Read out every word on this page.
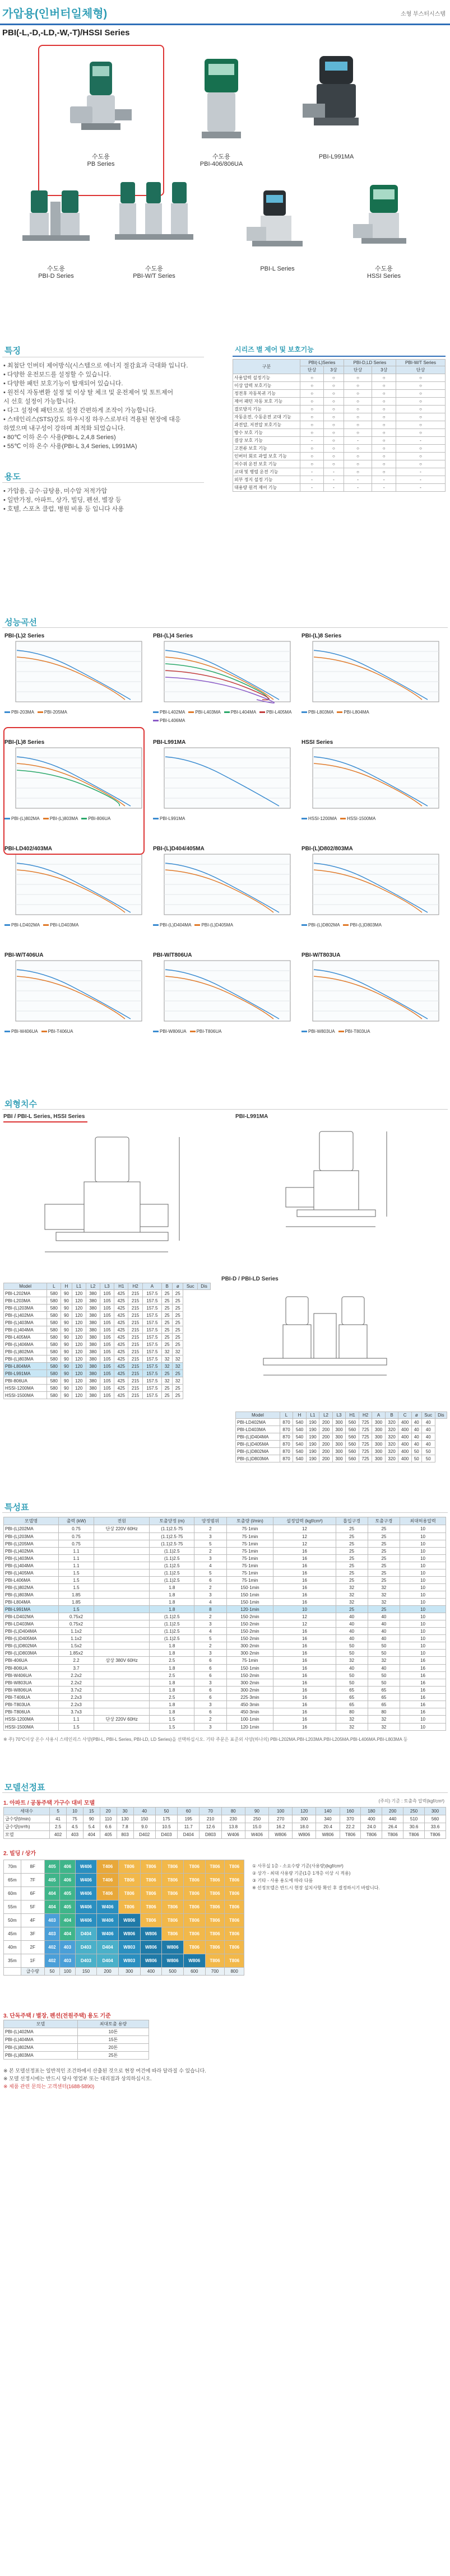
가압용(인버터일체형)	소형 부스터시스템
PBI(-L,-D,-LD,-W,-T)/HSSI Series
수도용
PB Series
수도용
PBI-406/806UA
PBI-L991MA
수도용
PBI-D Series
수도용
PBI-W/T Series
PBI-L Series	수도용
HSSI Series
특징
• 최첨단 인버터 제어방식(시스템으로 에너지 절감효과 극대화 입니다.
• 다양한 운전보드를 설정할 수 있습니다.
• 다양한 패턴 보호기능이 탑재되어 있습니다.
• 원전식 자동변환 설정 및 이상 탈 체크 및 운전제어 및 토트제어
시 선호 설정이 가능합니다.
• 다그 설정에 패턴으로 설정 간편하게 조작이 가능합니다.
• 스테인리스(STS)강도 하우시징 하우스로부터 격용된 현장에 대응
하였으며 내구성이 강하며 최적화 되었습니다.
• 80℃ 이하 온수 사용(PBI-L 2,4,8 Series)
• 55℃ 이하 온수 사용(PBI-L 3,4 Series, L991MA)
용도
• 가압용, 급수·급탕용, 미수압 저적가압
• 일반가정, 아파트, 상가, 빌딩, 펜션, 별장 등
• 호텔, 스포츠 클럽, 병원 비용 등 입니다 사용
시리즈 별 제어 및 보호기능
구분	PBI(-L)Series		PBI-D,LD Series		PBI-W/T Series
	단상	3상	단상	3상	단상
사용압력 설정기능	○	○	○	○	○
이상 압력 보호기능	○	○	○	○	○
정전후 자동복귀 기능	○	○	○	○	○
제어 패턴 자동 보호 기능	○	○	○	○	○
결로방지 기능	○	○	○	○	○
자동운전, 수동운전 교대 기능	○	○	○	○	○
과전압, 저전압 보호기능	○	○	○	○	○
방수 보호 기능	○	○	○	○	○
결상 보호 기능	-	○	-	○	-
고전류 보호 기능	○	○	○	○	○
인버터 회로 과열 보호 기능	○	○	○	○	○
저수위 운전 보호 기능	○	○	○	○	○
교대 및 병렬 운전 기능	-	-	○	○	-
외부 정지 설정 기능	-	-	-	-	-
대용량 원격 제어 기능	-	-	-	-	-
성능곡선
PBI-(L)2 Series
PBI-203MA PBI-205MA
PBI-(L)4 Series
PBI-L402MA PBI-L403MA PBI-L404MA PBI-L405MA
PBI-L406MA
PBI-(L)8 Series
PBI-L803MA PBI-L804MA
PBI-(L)8 Series
PBI-(L)802MA PBI-(L)803MA PBI-806UA
PBI-L991MA
PBI-L991MA
HSSI Series
HSSI-1200MA HSSI-1500MA
PBI-LD402/403MA
PBI-LD402MA PBI-LD403MA
PBI-(L)D404/405MA
PBI-(L)D404MA PBI-(L)D405MA
PBI-(L)D802/803MA
PBI-(L)D802MA PBI-(L)D803MA
PBI-W/T406UA
PBI-W406UA PBI-T406UA
PBI-W/T806UA
PBI-W806UA PBI-T806UA
PBI-W/T803UA
PBI-W803UA PBI-T803UA
외형치수
PBI / PBI-L Series, HSSI Series	PBI-L991MA
Model	L	H	L1	L2	L3	H1	H2	A	B	ø	Suc	Dis
PBI-L202MA	580	90	120	380	105	425	215	157.5	25	25		
PBI-L203MA	580	90	120	380	105	425	215	157.5	25	25		
PBI-(L)203MA	580	90	120	380	105	425	215	157.5	25	25		
PBI-(L)402MA	580	90	120	380	105	425	215	157.5	25	25		
PBI-(L)403MA	580	90	120	380	105	425	215	157.5	25	25		
PBI-(L)404MA	580	90	120	380	105	425	215	157.5	25	25		
PBI-L405MA	580	90	120	380	105	425	215	157.5	25	25		
PBI-(L)406MA	580	90	120	380	105	425	215	157.5	25	25		
PBI-(L)802MA	580	90	120	380	105	425	215	157.5	32	32		
PBI-(L)803MA	580	90	120	380	105	425	215	157.5	32	32		
PBI-L804MA	580	90	120	380	105	425	215	157.5	32	32		
PBI-L991MA	580	90	120	380	105	425	215	157.5	25	25		
PBI-806UA	580	90	120	380	105	425	215	157.5	32	32		
HSSI-1200MA	580	90	120	380	105	425	215	157.5	25	25		
HSSI-1500MA	580	90	120	380	105	425	215	157.5	25	25		
PBI-D / PBI-LD Series
Model	L	H	L1	L2	L3	H1	H2	A	B	C	ø	Suc	Dis
PBI-LD402MA	870	540	190	200	300	560	725	300	320	400	40	40	
PBI-LD403MA	870	540	190	200	300	560	725	300	320	400	40	40	
PBI-(L)D404MA	870	540	190	200	300	560	725	300	320	400	40	40	
PBI-(L)D405MA	870	540	190	200	300	560	725	300	320	400	40	40	
PBI-(L)D802MA	870	540	190	200	300	560	725	300	320	400	50	50	
PBI-(L)D803MA	870	540	190	200	300	560	725	300	320	400	50	50	
특성표
모델명	출력 (kW)	전원	토출양정 (m)	양정범위	토출량 (l/min)	설정압력 (kgf/cm²)	흡입구경	토출구경	최대허용압력
PBI-(L)202MA	0.75	단상 220V 60Hz	(1.1)2.5·75	2	75·1min	12	25	25	10
PBI-(L)203MA	0.75		(1.1)2.5·75	3	75·1min	12	25	25	10
PBI-(L)205MA	0.75		(1.1)2.5·75	5	75·1min	12	25	25	10
PBI-(L)402MA	1.1		(1.1)2.5	2	75·1min	16	25	25	10
PBI-(L)403MA	1.1		(1.1)2.5	3	75·1min	16	25	25	10
PBI-(L)404MA	1.1		(1.1)2.5	4	75·1min	16	25	25	10
PBI-(L)405MA	1.5		(1.1)2.5	5	75·1min	16	25	25	10
PBI-L406MA	1.5		(1.1)2.5	6	75·1min	16	25	25	10
PBI-(L)802MA	1.5		1.8	2	150·1min	16	32	32	10
PBI-(L)803MA	1.85		1.8	3	150·1min	16	32	32	10
PBI-L804MA	1.85		1.8	4	150·1min	16	32	32	10
PBI-L991MA	1.5		1.8	8	120·1min	10	25	25	10
PBI-LD402MA	0.75x2		(1.1)2.5	2	150·2min	12	40	40	10
PBI-LD403MA	0.75x2		(1.1)2.5	3	150·2min	12	40	40	10
PBI-(L)D404MA	1.1x2		(1.1)2.5	4	150·2min	16	40	40	10
PBI-(L)D405MA	1.1x2		(1.1)2.5	5	150·2min	16	40	40	10
PBI-(L)D802MA	1.5x2		1.8	2	300·2min	16	50	50	10
PBI-(L)D803MA	1.85x2		1.8	3	300·2min	16	50	50	10
PBI-406UA	2.2	삼상 380V 60Hz	2.5	6	75·1min	16	32	32	16
PBI-806UA	3.7		1.8	6	150·1min	16	40	40	16
PBI-W406UA	2.2x2		2.5	6	150·2min	16	50	50	16
PBI-W803UA	2.2x2		1.8	3	300·2min	16	50	50	16
PBI-W806UA	3.7x2		1.8	6	300·2min	16	65	65	16
PBI-T406UA	2.2x3		2.5	6	225·3min	16	65	65	16
PBI-T803UA	2.2x3		1.8	3	450·3min	16	65	65	16
PBI-T806UA	3.7x3		1.8	6	450·3min	16	80	80	16
HSSI-1200MA	1.1	단상 220V 60Hz	1.5	2	100·1min	16	32	32	10
HSSI-1500MA	1.5		1.5	3	120·1min	16	32	32	10
※ 주) 70°C이상 온수 사용시 스테인리스 사양(PBI-L, PBI-L Series, PBI-LD, LD Series)을 선택하십시오. 기타 주문은 표준외 사양(하나의) PBI-L202MA.PBI-L203MA.PBI-L205MA.PBI-L406MA.PBI-L803MA 등
모델선정표
1. 아파트 / 공동주택 가구수 대비 모델	(주의) 기준 : 토출측 압력(kgf/cm²)
세대수	5	10	15	20	30	40	50	60	70	80	90	100	120	140	160	180	200	250	300
급수량(l/min)	41	75	90	110	130	150	175	195	210	230	250	270	300	340	370	400	440	510	560
급수량(m³/h)	2.5	4.5	5.4	6.6	7.8	9.0	10.5	11.7	12.6	13.8	15.0	16.2	18.0	20.4	22.2	24.0	26.4	30.6	33.6
모델	402	403	404	405	803	D402	D403	D404	D803	W406	W406	W806	W806	W806	T806	T806	T806	T806	T806
2. 빌딩 / 상가
70m	8F	405	406	W406	T406	T806	T806	T806	T806	T806	T806
65m	7F	405	406	W406	T406	T806	T806	T806	T806	T806	T806
60m	6F	404	405	W406	T406	T806	T806	T806	T806	T806	T806
55m	5F	404	405	W406	W406	T806	T806	T806	T806	T806	T806
50m	4F	403	404	W406	W406	W806	T806	T806	T806	T806	T806
45m	3F	403	404	D404	W406	W806	W806	T806	T806	T806	T806
40m	2F	402	403	D403	D404	W803	W806	W806	T806	T806	T806
35m	1F	402	403	D403	D404	W803	W806	W806	W806	T806	T806
	급수량	50	100	150	200	300	400	500	600	700	800
① 사무실 1층 - 소요수량 기준(사용량)(kgf/cm²)
② 상가 - 최대 사용량 기준(1층 1개층 이상 시 적용)
③ 기타 - 사용 용도에 따라 다름
※ 선정모델은 반드시 현장 설치사항 확인 후 결정하시기 바랍니다.
3. 단독주택 / 별장, 펜션(전원주택) 용도 기준
모델	최대토출 용량
PBI-(L)402MA	10톤
PBI-(L)404MA	15톤
PBI-(L)802MA	20톤
PBI-(L)803MA	25톤
※ 본 모델선정표는 일반적인 조건하에서 산출된 것으로 현장 여건에 따라 달라질 수 있습니다.
※ 모델 선정시에는 반드시 당사 영업부 또는 대리점과 상의하십시오.
※ 제품 관련 문의는 고객센터(1688-5890)
